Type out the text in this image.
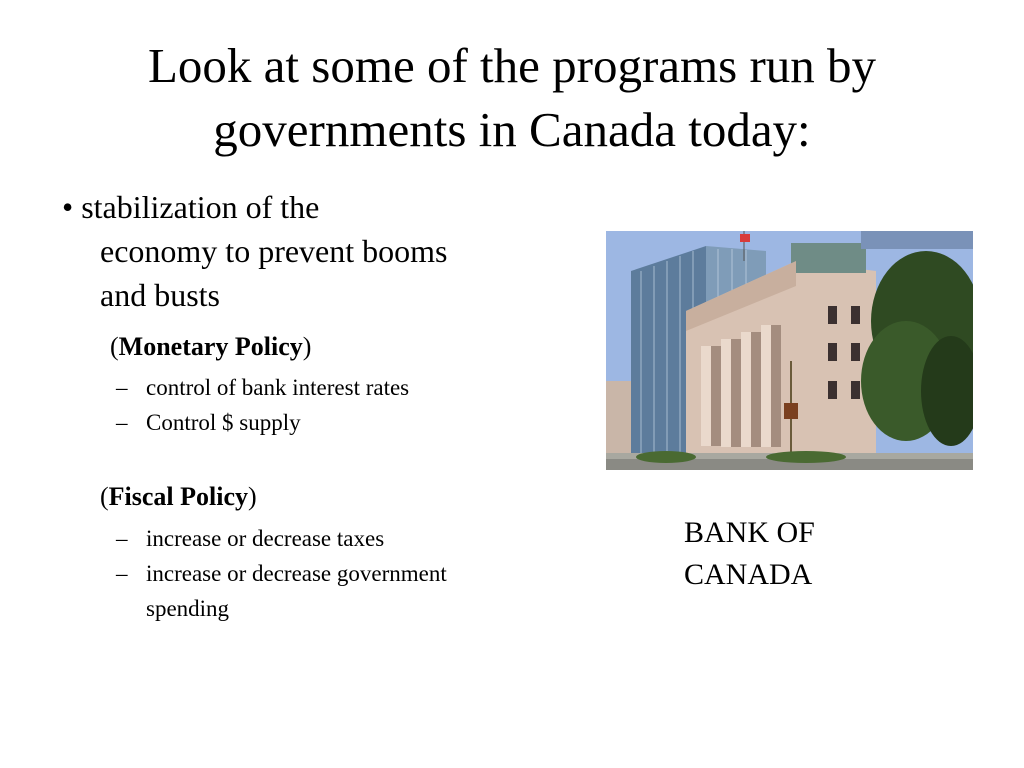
Look at some of the programs run by
governments in Canada today:
• stabilization of the
economy to prevent booms
and busts
(Monetary Policy)
– control of bank interest rates
– Control $ supply
(Fiscal Policy)
– increase or decrease taxes
– increase or decrease government
spending
BANK OF
CANADA
